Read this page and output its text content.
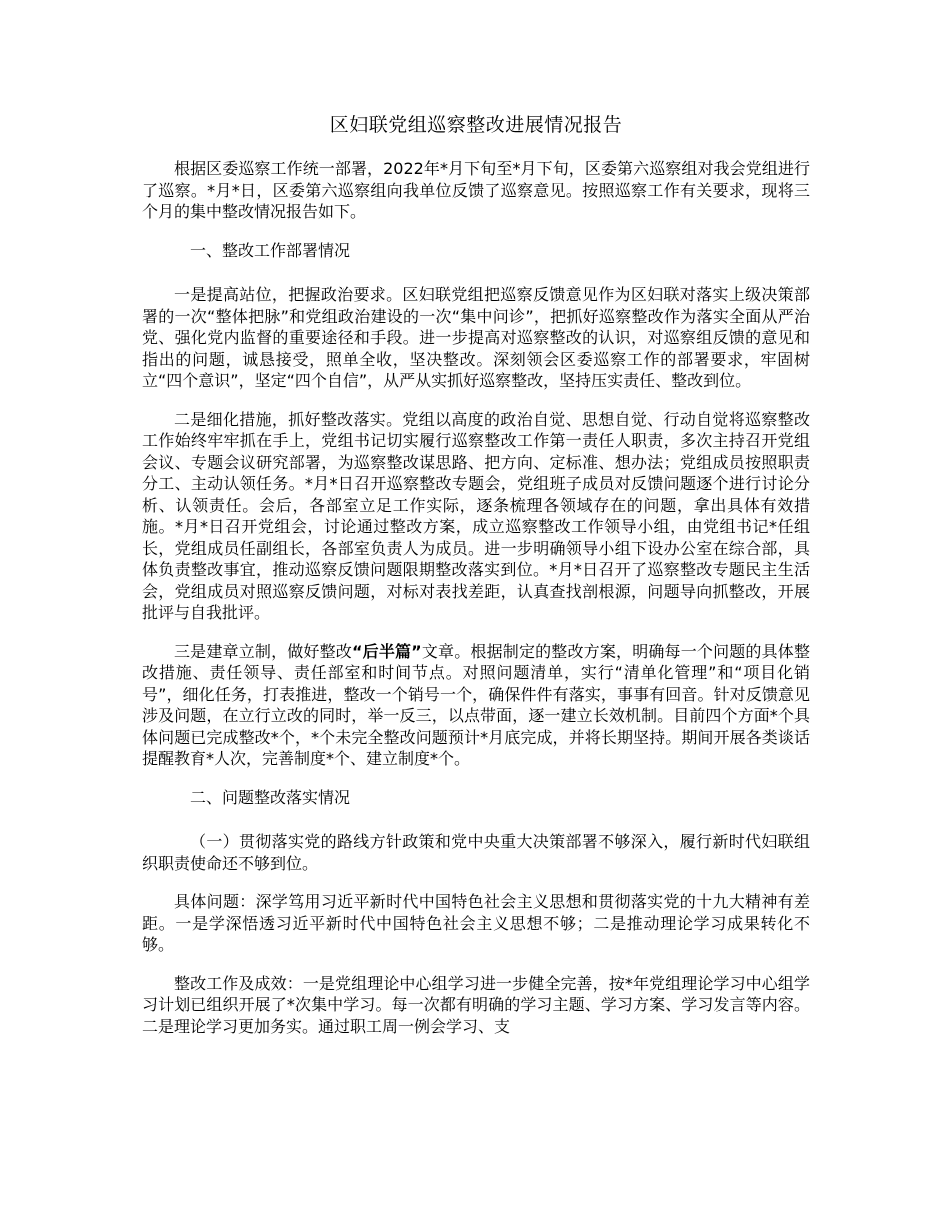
区妇联党组巡察整改进展情况报告

根据区委巡察工作统一部署，2022年*月下旬至*月下旬，区委第六巡察组对我会党组进行了巡察。*月*日，区委第六巡察组向我单位反馈了巡察意见。按照巡察工作有关要求，现将三个月的集中整改情况报告如下。

一、整改工作部署情况

一是提高站位，把握政治要求。区妇联党组把巡察反馈意见作为区妇联对落实上级决策部署的一次“整体把脉”和党组政治建设的一次“集中问诊”，把抓好巡察整改作为落实全面从严治党、强化党内监督的重要途径和手段。进一步提高对巡察整改的认识，对巡察组反馈的意见和指出的问题，诚恳接受，照单全收，坚决整改。深刻领会区委巡察工作的部署要求，牢固树立“四个意识”，坚定“四个自信”，从严从实抓好巡察整改，坚持压实责任、整改到位。

二是细化措施，抓好整改落实。党组以高度的政治自觉、思想自觉、行动自觉将巡察整改工作始终牢牢抓在手上，党组书记切实履行巡察整改工作第一责任人职责，多次主持召开党组会议、专题会议研究部署，为巡察整改谋思路、把方向、定标准、想办法；党组成员按照职责分工、主动认领任务。*月*日召开巡察整改专题会，党组班子成员对反馈问题逐个进行讨论分析、认领责任。会后，各部室立足工作实际，逐条梳理各领域存在的问题，拿出具体有效措施。*月*日召开党组会，讨论通过整改方案，成立巡察整改工作领导小组，由党组书记*任组长，党组成员任副组长，各部室负责人为成员。进一步明确领导小组下设办公室在综合部，具体负责整改事宜，推动巡察反馈问题限期整改落实到位。*月*日召开了巡察整改专题民主生活会，党组成员对照巡察反馈问题，对标对表找差距，认真查找剖根源，问题导向抓整改，开展批评与自我批评。

三是建章立制，做好整改“后半篇”文章。根据制定的整改方案，明确每一个问题的具体整改措施、责任领导、责任部室和时间节点。对照问题清单，实行“清单化管理”和“项目化销号”，细化任务，打表推进，整改一个销号一个，确保件件有落实，事事有回音。针对反馈意见涉及问题，在立行立改的同时，举一反三，以点带面，逐一建立长效机制。目前四个方面*个具体问题已完成整改*个，*个未完全整改问题预计*月底完成，并将长期坚持。期间开展各类谈话提醒教育*人次，完善制度*个、建立制度*个。

二、问题整改落实情况

（一）贯彻落实党的路线方针政策和党中央重大决策部署不够深入，履行新时代妇联组织职责使命还不够到位。

具体问题：深学笃用习近平新时代中国特色社会主义思想和贯彻落实党的十九大精神有差距。一是学深悟透习近平新时代中国特色社会主义思想不够；二是推动理论学习成果转化不够。

整改工作及成效：一是党组理论中心组学习进一步健全完善，按*年党组理论学习中心组学习计划已组织开展了*次集中学习。每一次都有明确的学习主题、学习方案、学习发言等内容。二是理论学习更加务实。通过职工周一例会学习、支
